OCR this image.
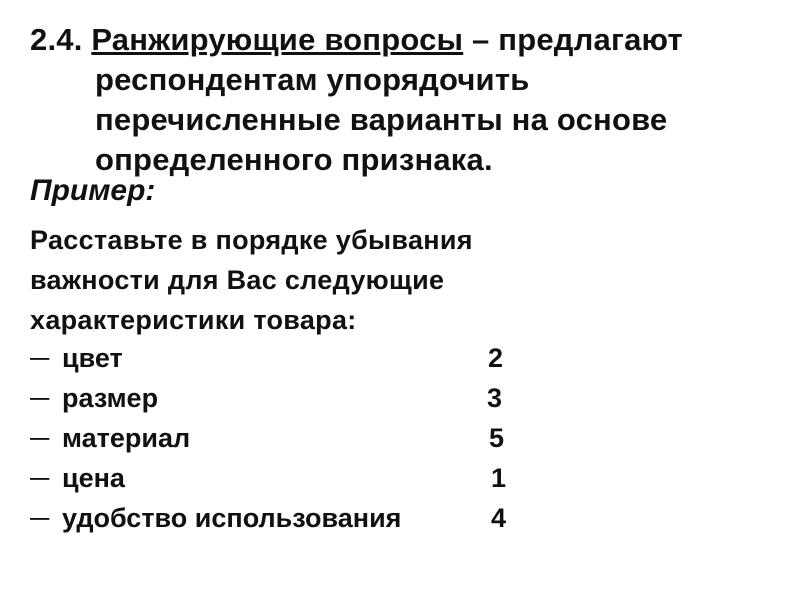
2.4. Ранжирующие вопросы – предлагают
респондентам упорядочить
перечисленные варианты на основе
определенного признака.
Пример:
Расставьте в порядке убывания
важности для Вас следующие
характеристики товара:
─ цвет	2
─ размер	3
─ материал	5
─ цена	1
─ удобство использования	4
